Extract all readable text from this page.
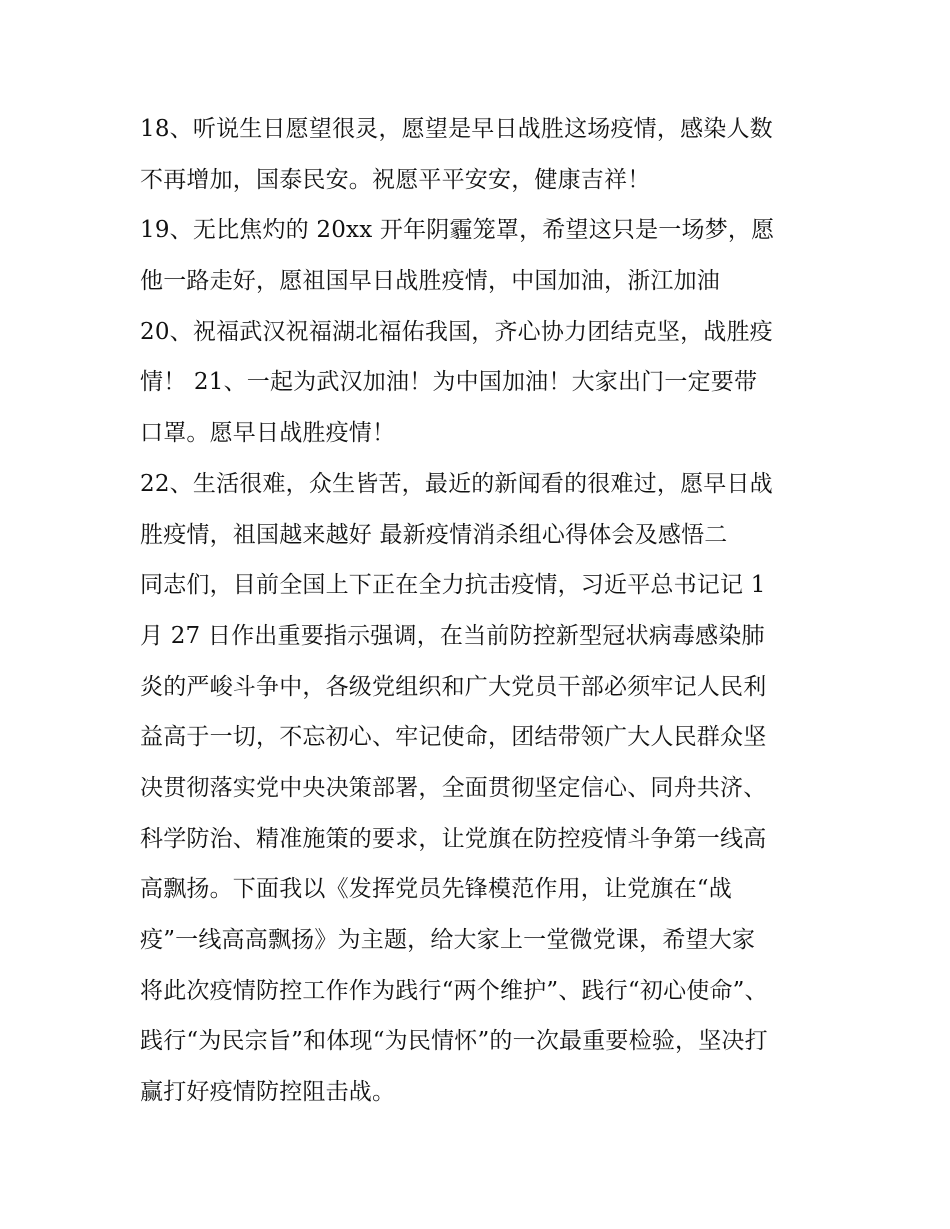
18、听说生日愿望很灵，愿望是早日战胜这场疫情，感染人数
不再增加，国泰民安。祝愿平平安安，健康吉祥！
19、无比焦灼的 20xx 开年阴霾笼罩，希望这只是一场梦，愿
他一路走好，愿祖国早日战胜疫情，中国加油，浙江加油
20、祝福武汉祝福湖北福佑我国，齐心协力团结克坚，战胜疫
情！ 21、一起为武汉加油！为中国加油！大家出门一定要带
口罩。愿早日战胜疫情！
22、生活很难，众生皆苦，最近的新闻看的很难过，愿早日战
胜疫情，祖国越来越好 最新疫情消杀组心得体会及感悟二
同志们，目前全国上下正在全力抗击疫情，习近平总书记记 1
月 27 日作出重要指示强调，在当前防控新型冠状病毒感染肺
炎的严峻斗争中，各级党组织和广大党员干部必须牢记人民利
益高于一切，不忘初心、牢记使命，团结带领广大人民群众坚
决贯彻落实党中央决策部署，全面贯彻坚定信心、同舟共济、
科学防治、精准施策的要求，让党旗在防控疫情斗争第一线高
高飘扬。下面我以《发挥党员先锋模范作用，让党旗在“战
疫”一线高高飘扬》为主题，给大家上一堂微党课，希望大家
将此次疫情防控工作作为践行“两个维护”、践行“初心使命”、
践行“为民宗旨”和体现“为民情怀”的一次最重要检验，坚决打
赢打好疫情防控阻击战。
